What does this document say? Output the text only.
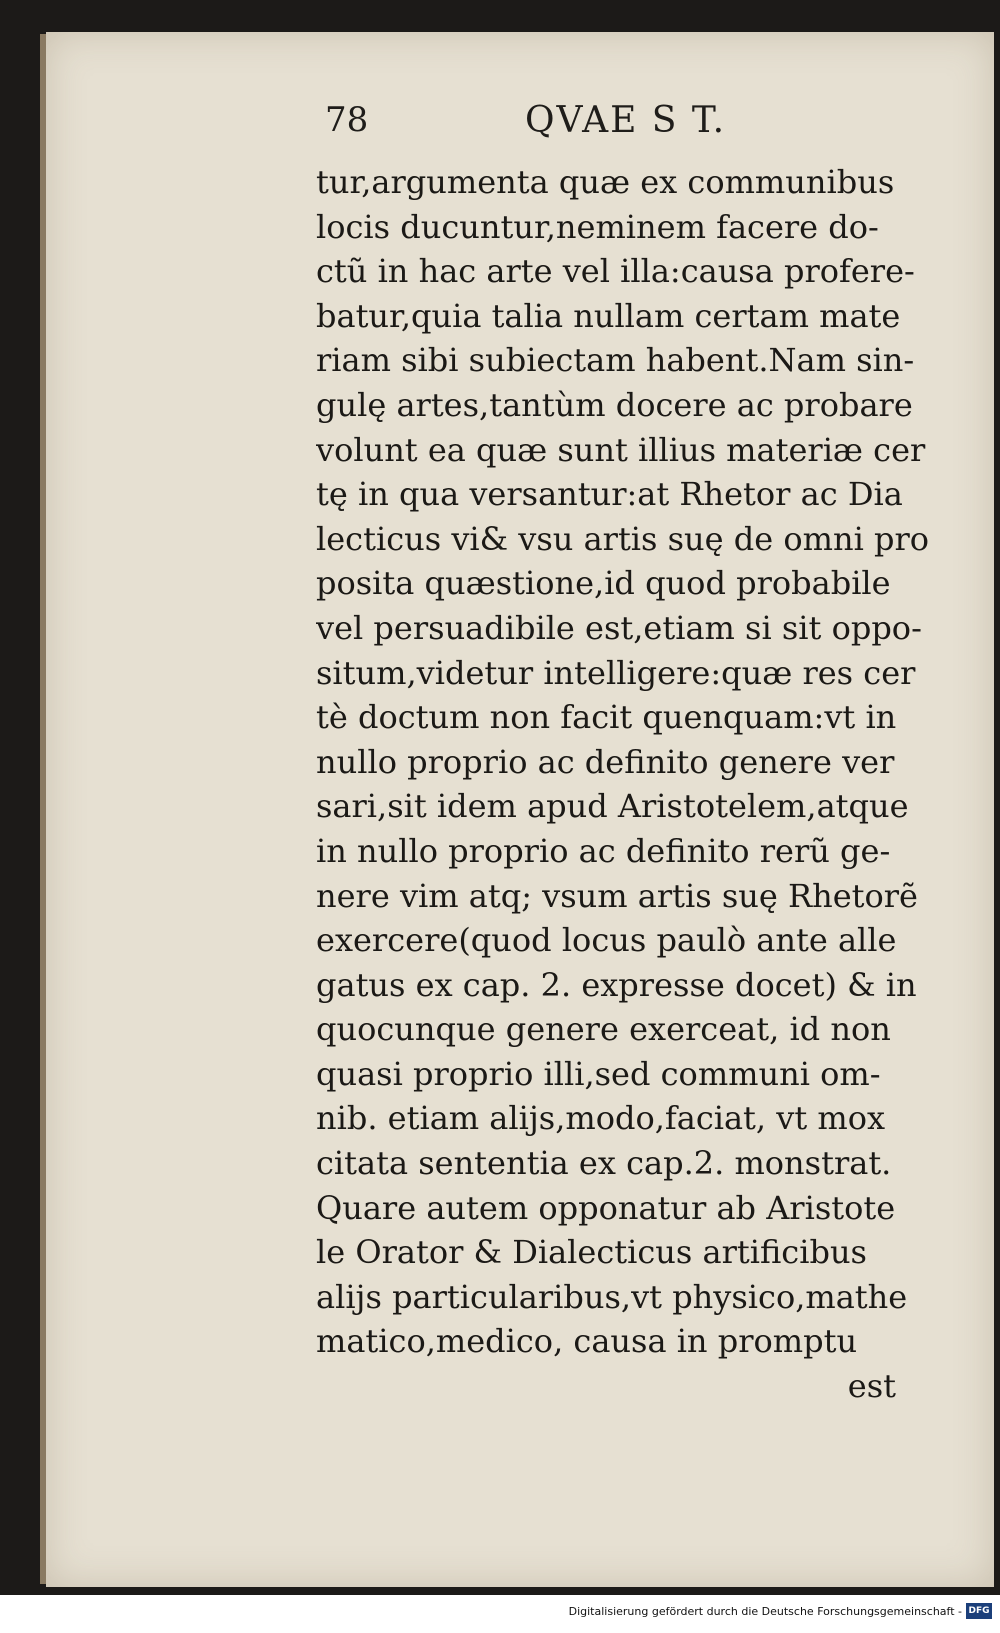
78	QVAE S T.
tur,argumenta quæ ex communibus
locis ducuntur,neminem facere do-
ctũ in hac arte vel illa:causa profere-
batur,quia talia nullam certam mate
riam sibi subiectam habent.Nam sin-
gulę artes,tantùm docere ac probare
volunt ea quæ sunt illius materiæ cer
tę in qua versantur:at Rhetor ac Dia
lecticus vi& vsu artis suę de omni pro
posita quæstione,id quod probabile
vel persuadibile est,etiam si sit oppo-
situm,videtur intelligere:quæ res cer
tè doctum non facit quenquam:vt in
nullo proprio ac definito genere ver
sari,sit idem apud Aristotelem,atque
in nullo proprio ac definito rerũ ge-
nere vim atq; vsum artis suę Rhetorẽ
exercere(quod locus paulò ante alle
gatus ex cap. 2. expresse docet) & in
quocunque genere exerceat, id non
quasi proprio illi,sed communi om-
nib. etiam alijs,modo,faciat, vt mox
citata sententia ex cap.2. monstrat.
Quare autem opponatur ab Aristote
le Orator & Dialecticus artificibus
alijs particularibus,vt physico,mathe
matico,medico, causa in promptu
est
Digitalisierung gefördert durch die Deutsche Forschungsgemeinschaft - DFG
